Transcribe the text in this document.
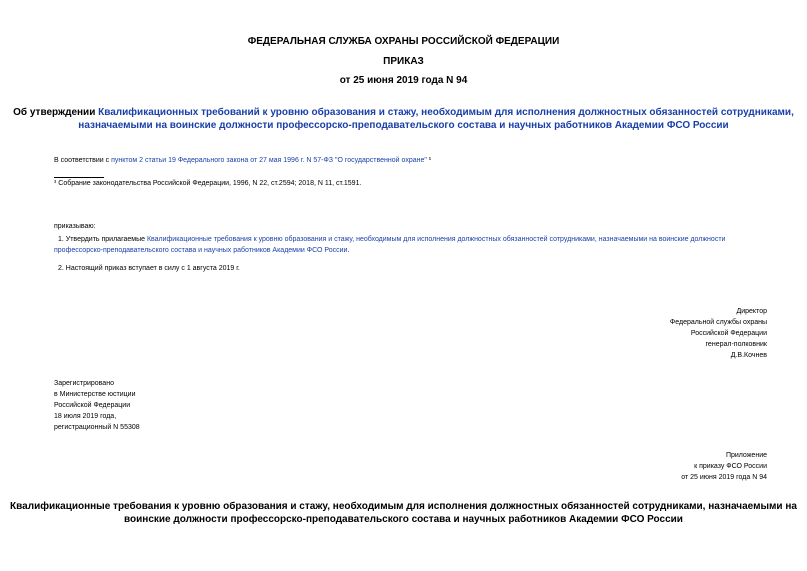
ФЕДЕРАЛЬНАЯ СЛУЖБА ОХРАНЫ РОССИЙСКОЙ ФЕДЕРАЦИИ
ПРИКАЗ
от 25 июня 2019 года N 94
Об утверждении Квалификационных требований к уровню образования и стажу, необходимым для исполнения должностных обязанностей сотрудниками,
назначаемыми на воинские должности профессорско-преподавательского состава и научных работников Академии ФСО России
В соответствии с пунктом 2 статьи 19 Федерального закона от 27 мая 1996 г. N 57-ФЗ "О государственной охране" ¹
¹ Собрание законодательства Российской Федерации, 1996, N 22, ст.2594; 2018, N 11, ст.1591.
приказываю:
1. Утвердить прилагаемые Квалификационные требования к уровню образования и стажу, необходимым для исполнения должностных обязанностей сотрудниками, назначаемыми на воинские должности
профессорско-преподавательского состава и научных работников Академии ФСО России.
2. Настоящий приказ вступает в силу с 1 августа 2019 г.
Директор
Федеральной службы охраны
Российской Федерации
генерал-полковник
Д.В.Кочнев
Зарегистрировано
в Министерстве юстиции
Российской Федерации
18 июля 2019 года,
регистрационный N 55308
Приложение
к приказу ФСО России
от 25 июня 2019 года N 94
Квалификационные требования к уровню образования и стажу, необходимым для исполнения должностных обязанностей сотрудниками, назначаемыми на
воинские должности профессорско-преподавательского состава и научных работников Академии ФСО России
